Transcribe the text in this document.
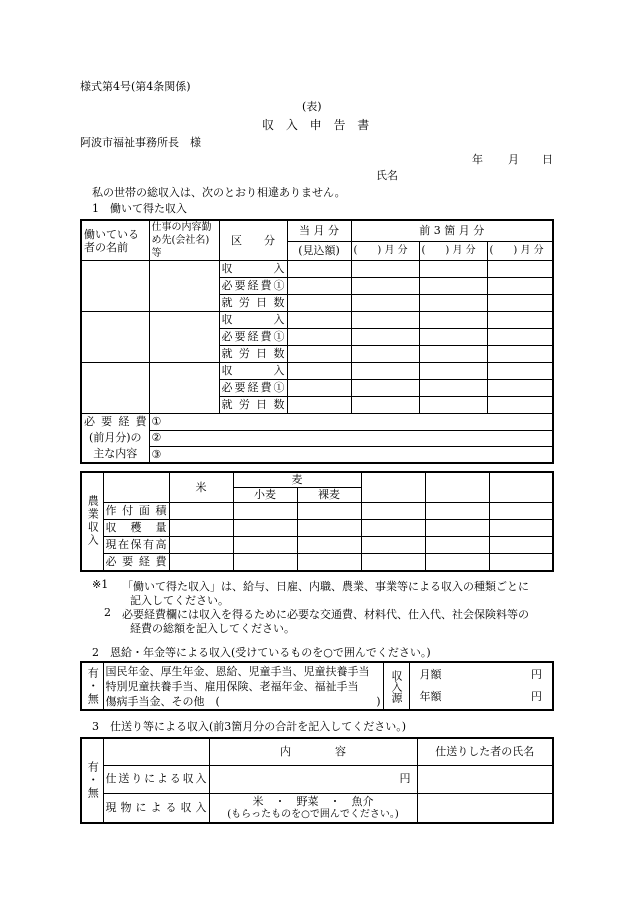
様式第4号(第4条関係)
(表)
収 入 申 告 書
阿波市福祉事務所長　様
年 月 日
氏名
私の世帯の総収入は、次のとおり相違ありません。
1　働いて得た収入
働いている者の名前	仕事の内容勤め先(会社名)等	区　　分	当 月 分	前 3 箇 月 分		
			(見込額)	(　　) 月 分	(　　) 月 分	(　　) 月 分
		収　　　入				
		必要経費①				
		就 労 日 数				
		収　　　入				
		必要経費①				
		就 労 日 数				
		収　　　入				
		必要経費①				
		就 労 日 数				

必 要 経 費
(前月分)の
主な内容	①					
	②					
	③					
農業収入		米	麦				
			小麦	裸麦			
	作 付 面 積						
	収　穫　量						
	現在保有高						
	必 要 経 費						
※1 「働いて得た収入」は、給与、日雇、内職、農業、事業等による収入の種類ごとに
記入してください。
2 必要経費欄には収入を得るために必要な交通費、材料代、仕入代、社会保険料等の
経費の総額を記入してください。
2　恩給・年金等による収入(受けているものを○で囲んでください。)
有・無	国民年金、厚生年金、恩給、児童手当、児童扶養手当
特別児童扶養手当、雇用保険、老福年金、福祉手当
傷病手当金、その他　(	)	収入源	月額	円
年額	円
3　仕送り等による収入(前3箇月分の合計を記入してください。)
有・無		内　　　　容	仕送りした者の氏名
	仕送りによる収入	円	
	現物による収入	米　・　野菜　・　魚介
(もらったものを○で囲んでください。)	
